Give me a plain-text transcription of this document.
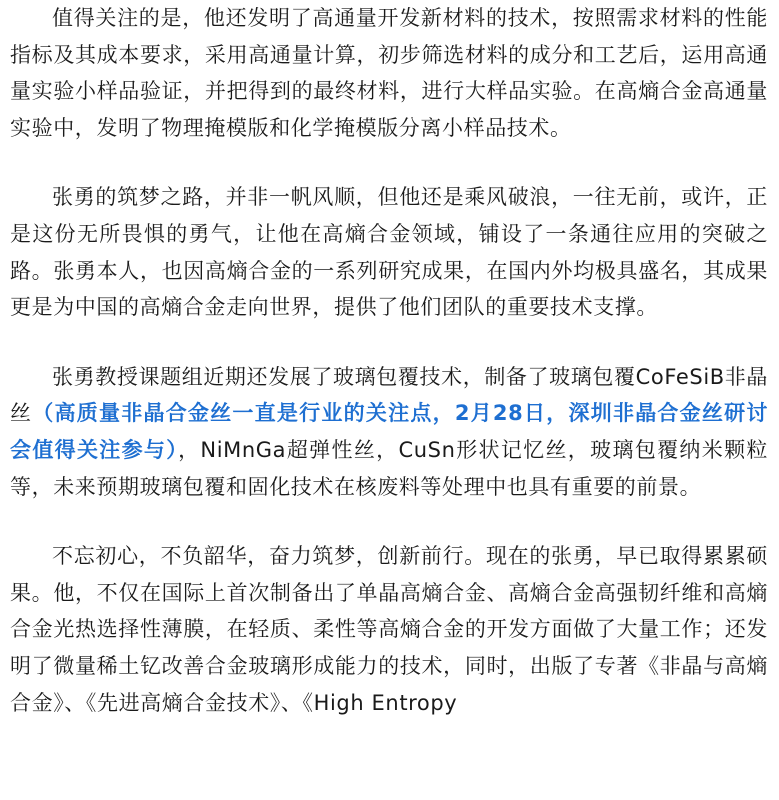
值得关注的是，他还发明了高通量开发新材料的技术，按照需求材料的性能指标及其成本要求，采用高通量计算，初步筛选材料的成分和工艺后，运用高通量实验小样品验证，并把得到的最终材料，进行大样品实验。在高熵合金高通量实验中，发明了物理掩模版和化学掩模版分离小样品技术。

张勇的筑梦之路，并非一帆风顺，但他还是乘风破浪，一往无前，或许，正是这份无所畏惧的勇气，让他在高熵合金领域，铺设了一条通往应用的突破之路。张勇本人，也因高熵合金的一系列研究成果，在国内外均极具盛名，其成果更是为中国的高熵合金走向世界，提供了他们团队的重要技术支撑。

张勇教授课题组近期还发展了玻璃包覆技术，制备了玻璃包覆CoFeSiB非晶丝（高质量非晶合金丝一直是行业的关注点，2月28日，深圳非晶合金丝研讨会值得关注参与），NiMnGa超弹性丝，CuSn形状记忆丝，玻璃包覆纳米颗粒等，未来预期玻璃包覆和固化技术在核废料等处理中也具有重要的前景。

不忘初心，不负韶华，奋力筑梦，创新前行。现在的张勇，早已取得累累硕果。他，不仅在国际上首次制备出了单晶高熵合金、高熵合金高强韧纤维和高熵合金光热选择性薄膜，在轻质、柔性等高熵合金的开发方面做了大量工作；还发明了微量稀土钇改善合金玻璃形成能力的技术，同时，出版了专著《非晶与高熵合金》、《先进高熵合金技术》、《High Entropy
